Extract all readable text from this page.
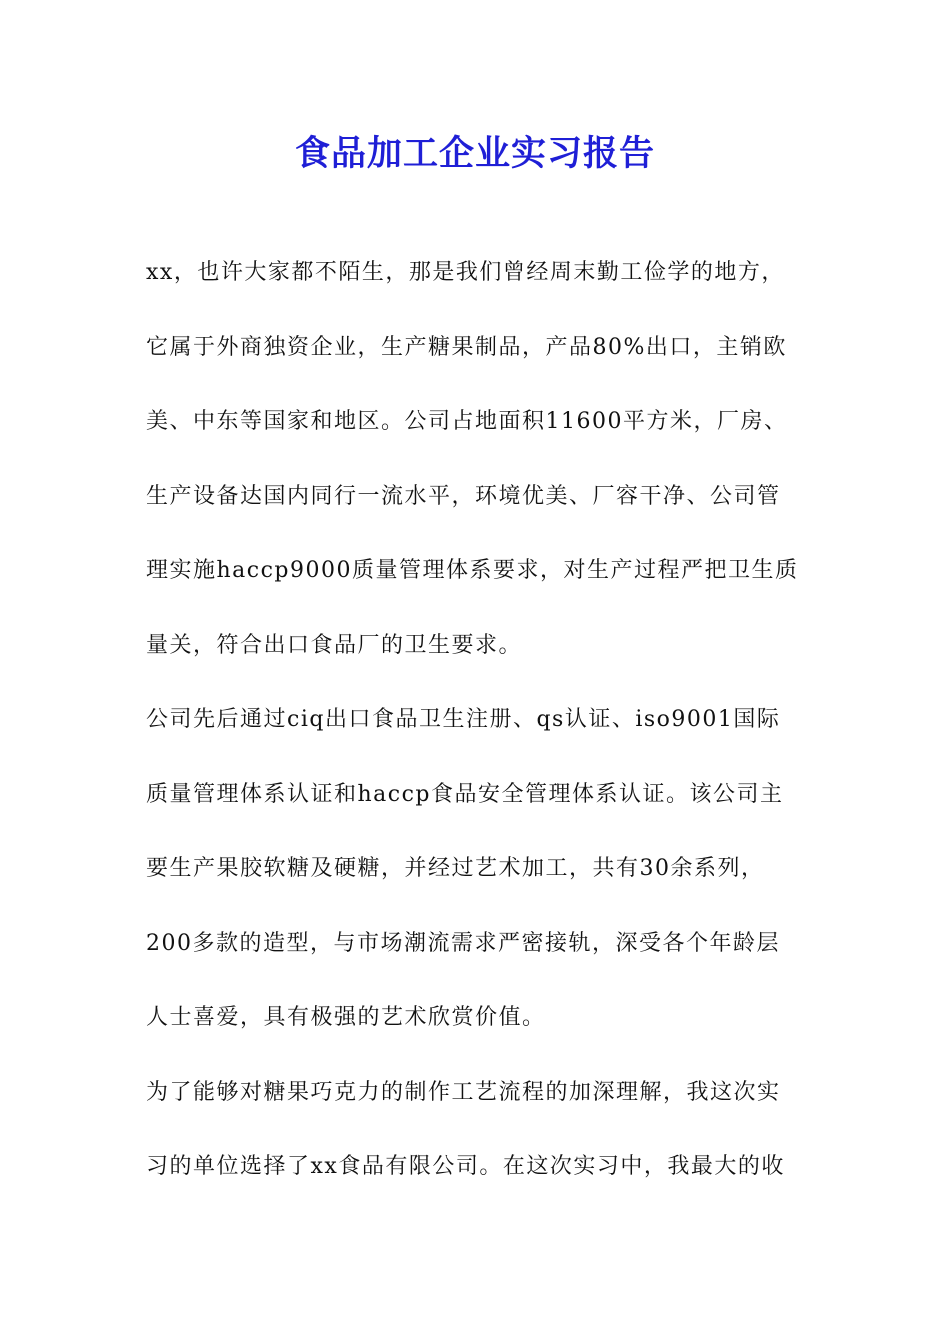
食品加工企业实习报告

xx，也许大家都不陌生，那是我们曾经周末勤工俭学的地方，
它属于外商独资企业，生产糖果制品，产品80%出口，主销欧
美、中东等国家和地区。公司占地面积11600平方米，厂房、
生产设备达国内同行一流水平，环境优美、厂容干净、公司管
理实施haccp9000质量管理体系要求，对生产过程严把卫生质
量关，符合出口食品厂的卫生要求。

公司先后通过ciq出口食品卫生注册、qs认证、iso9001国际
质量管理体系认证和haccp食品安全管理体系认证。该公司主
要生产果胶软糖及硬糖，并经过艺术加工，共有30余系列，
200多款的造型，与市场潮流需求严密接轨，深受各个年龄层
人士喜爱，具有极强的艺术欣赏价值。

为了能够对糖果巧克力的制作工艺流程的加深理解，我这次实
习的单位选择了xx食品有限公司。在这次实习中，我最大的收
